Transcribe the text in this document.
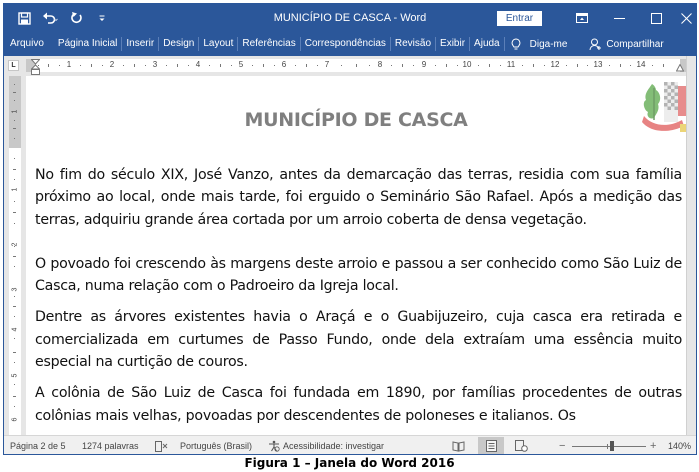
MUNICÍPIO DE CASCA - Word	Entrar
Arquivo	Página Inicial Inserir Design Layout Referências Correspondências Revisão Exibir Ajuda	Diga-me	Compartilhar
L	1	2	3	4	5	6	7	8	9	10	11	12	13	14
1
1
2
3
4
5
6
MUNICÍPIO DE CASCA

No fim do século XIX, José Vanzo, antes da demarcação das terras, residia com sua família próximo ao local, onde mais tarde, foi erguido o Seminário São Rafael. Após a medição das terras, adquiriu grande área cortada por um arroio coberta de densa vegetação.

O povoado foi crescendo às margens deste arroio e passou a ser conhecido como São Luiz de Casca, numa relação com o Padroeiro da Igreja local.

Dentre as árvores existentes havia o Araçá e o Guabijuzeiro, cuja casca era retirada e comercializada em curtumes de Passo Fundo, onde dela extraíam uma essência muito especial na curtição de couros.

A colônia de São Luiz de Casca foi fundada em 1890, por famílias procedentes de outras colônias mais velhas, povoadas por descendentes de poloneses e italianos. Os

Página 2 de 5 1274 palavras	Português (Brasil)	Acessibilidade: investigar	−	+ 140%
Figura 1 – Janela do Word 2016
